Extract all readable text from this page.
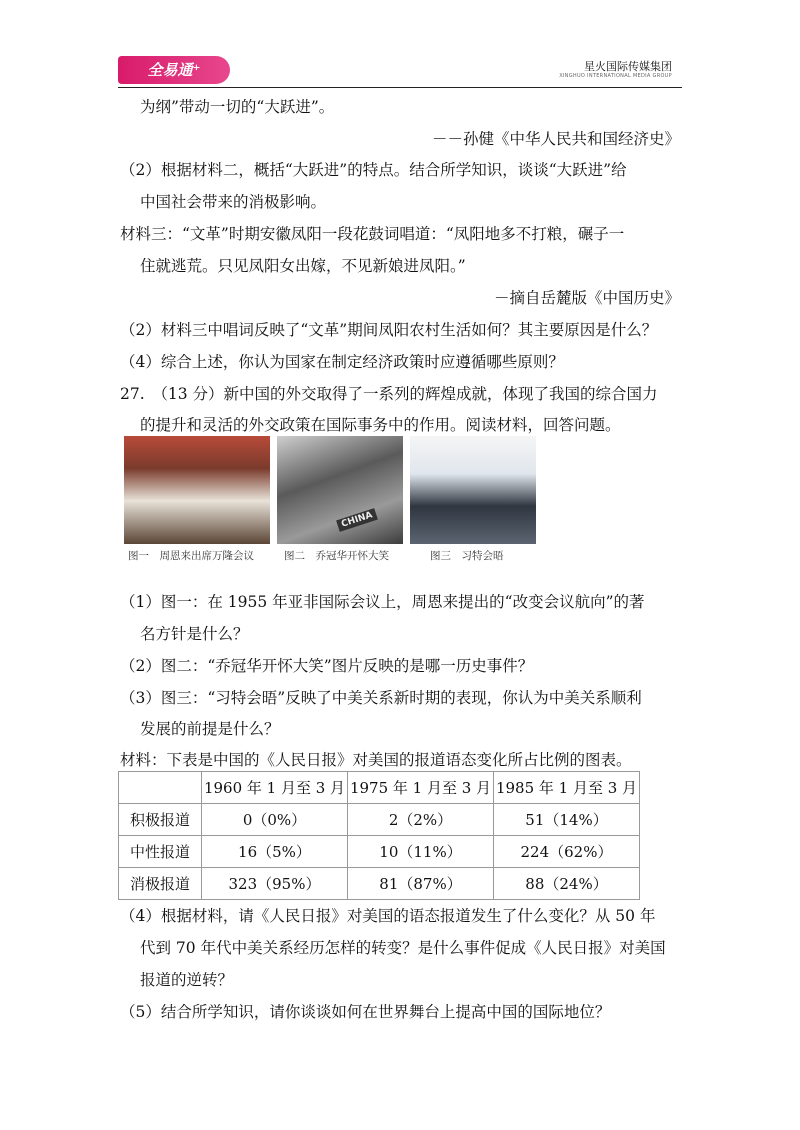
全易通⁺	星火国际传媒集团
XINGHUO INTERNATIONAL MEDIA GROUP
为纲”带动一切的“大跃进”。
－－孙健《中华人民共和国经济史》
（2）根据材料二，概括“大跃进”的特点。结合所学知识，谈谈“大跃进”给
中国社会带来的消极影响。
材料三：“文革”时期安徽凤阳一段花鼓词唱道：“凤阳地多不打粮，碾子一
住就逃荒。只见凤阳女出嫁，不见新娘进凤阳。”
－摘自岳麓版《中国历史》
（2）材料三中唱词反映了“文革”期间凤阳农村生活如何？其主要原因是什么？
（4）综合上述，你认为国家在制定经济政策时应遵循哪些原则？
27.　（13 分）新中国的外交取得了一系列的辉煌成就，体现了我国的综合国力
的提升和灵活的外交政策在国际事务中的作用。阅读材料，回答问题。
CHINA
图一　周恩来出席万隆会议	图二　乔冠华开怀大笑	图三　习特会晤
（1）图一：在 1955 年亚非国际会议上，周恩来提出的“改变会议航向”的著
名方针是什么？
（2）图二：“乔冠华开怀大笑”图片反映的是哪一历史事件？
（3）图三：“习特会晤”反映了中美关系新时期的表现，你认为中美关系顺利
发展的前提是什么？
材料：下表是中国的《人民日报》对美国的报道语态变化所占比例的图表。
	1960 年 1 月至 3 月	1975 年 1 月至 3 月	1985 年 1 月至 3 月
积极报道	0（0%）	2（2%）	51（14%）
中性报道	16（5%）	10（11%）	224（62%）
消极报道	323（95%）	81（87%）	88（24%）
（4）根据材料，请《人民日报》对美国的语态报道发生了什么变化？从 50 年
代到 70 年代中美关系经历怎样的转变？是什么事件促成《人民日报》对美国
报道的逆转？
（5）结合所学知识，请你谈谈如何在世界舞台上提高中国的国际地位？
